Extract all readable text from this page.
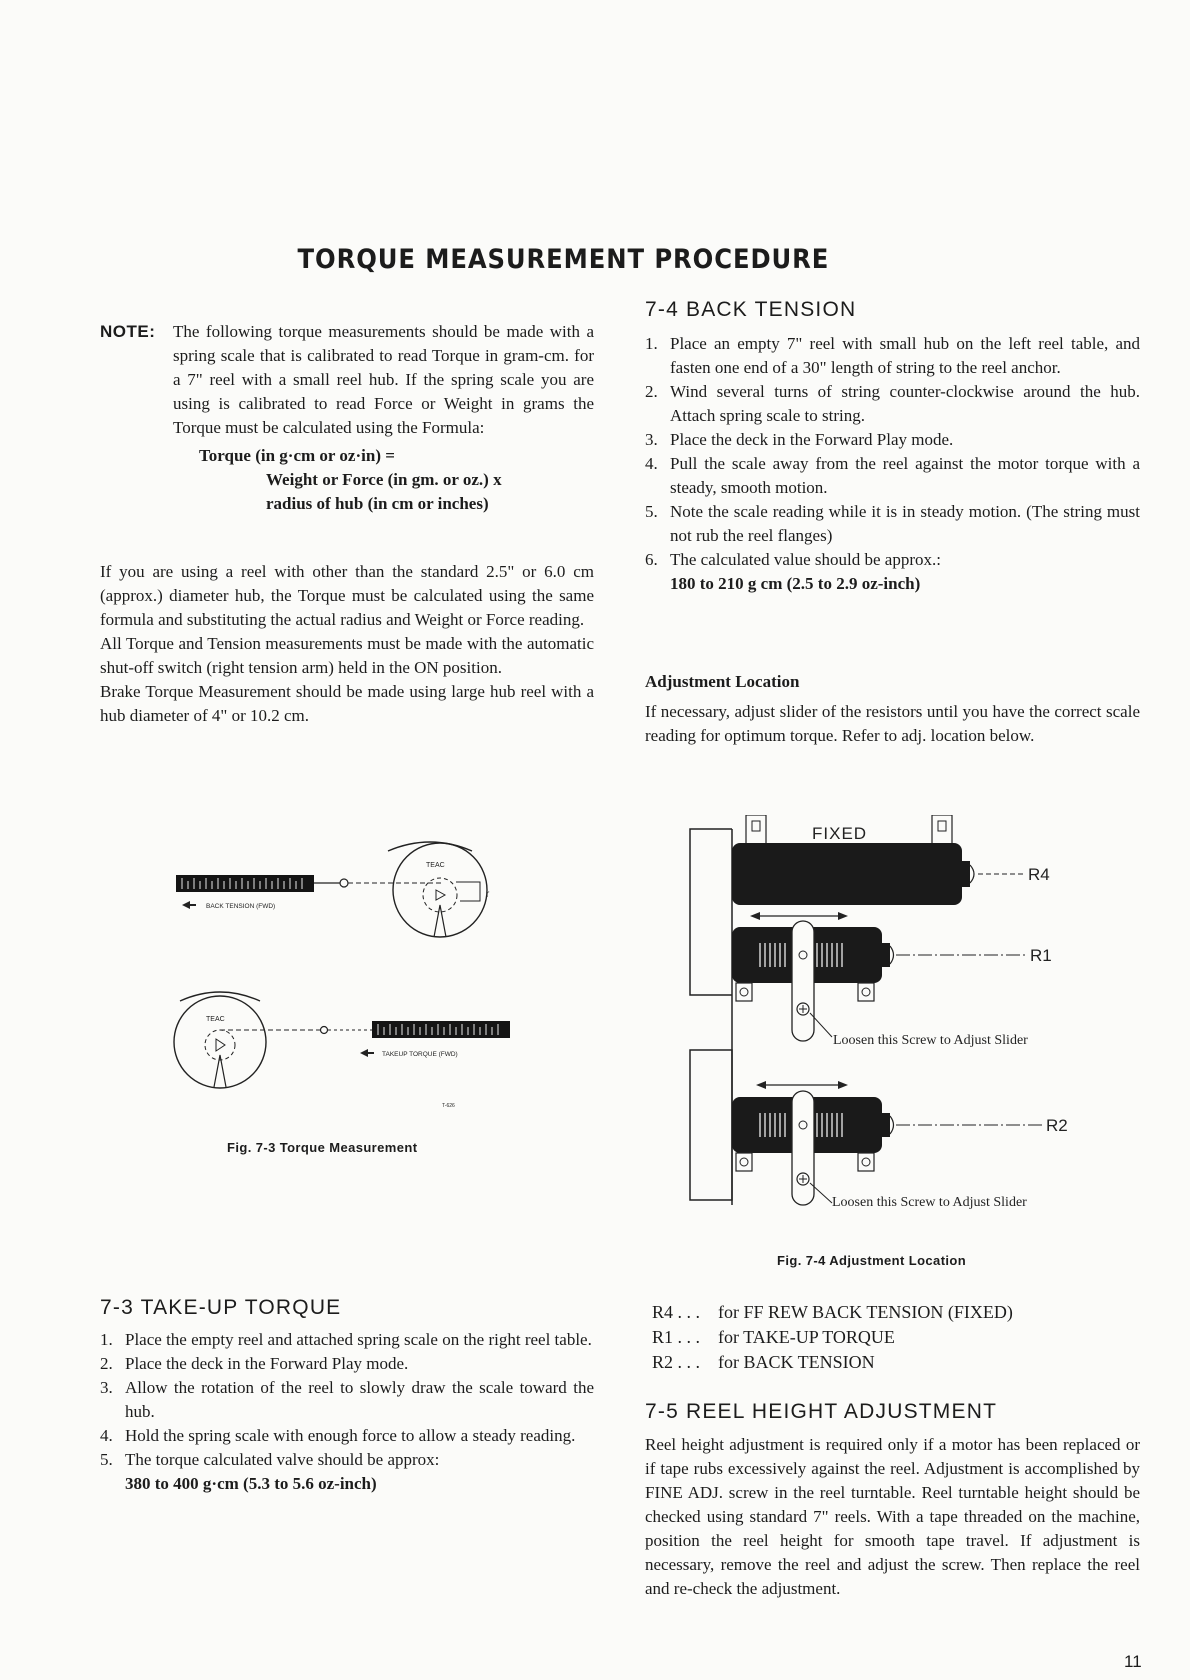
TORQUE MEASUREMENT PROCEDURE
NOTE: The following torque measurements should be made with a spring scale that is calibrated to read Torque in gram-cm. for a 7" reel with a small reel hub. If the spring scale you are using is calibrated to read Force or Weight in grams the Torque must be calculated using the Formula:
Torque (in g·cm or oz·in) =
Weight or Force (in gm. or oz.) x
radius of hub (in cm or inches)
If you are using a reel with other than the standard 2.5" or 6.0 cm (approx.) diameter hub, the Torque must be calculated using the same formula and substituting the actual radius and Weight or Force reading.
All Torque and Tension measurements must be made with the automatic shut-off switch (right tension arm) held in the ON position.
Brake Torque Measurement should be made using large hub reel with a hub diameter of 4" or 10.2 cm.
BACK TENSION (FWD)
TEAC
r
TEAC
TAKEUP TORQUE (FWD)
T-626
Fig. 7-3 Torque Measurement
7-3 TAKE-UP TORQUE
1. Place the empty reel and attached spring scale on the right reel table.
2. Place the deck in the Forward Play mode.
3. Allow the rotation of the reel to slowly draw the scale toward the hub.
4. Hold the spring scale with enough force to allow a steady reading.
5. The torque calculated valve should be approx:
380 to 400 g·cm (5.3 to 5.6 oz-inch)
7-4 BACK TENSION
1. Place an empty 7" reel with small hub on the left reel table, and fasten one end of a 30" length of string to the reel anchor.
2. Wind several turns of string counter-clockwise around the hub. Attach spring scale to string.
3. Place the deck in the Forward Play mode.
4. Pull the scale away from the reel against the motor torque with a steady, smooth motion.
5. Note the scale reading while it is in steady motion. (The string must not rub the reel flanges)
6. The calculated value should be approx.:
180 to 210 g cm (2.5 to 2.9 oz-inch)
Adjustment Location
If necessary, adjust slider of the resistors until you have the correct scale reading for optimum torque. Refer to adj. location below.
FIXED
R4
R1
Loosen this Screw to Adjust Slider
R2
Loosen this Screw to Adjust Slider
Fig. 7-4 Adjustment Location
R4 . . . for FF REW BACK TENSION (FIXED)
R1 . . . for TAKE-UP TORQUE
R2 . . . for BACK TENSION
7-5 REEL HEIGHT ADJUSTMENT
Reel height adjustment is required only if a motor has been replaced or if tape rubs excessively against the reel. Adjustment is accomplished by FINE ADJ. screw in the reel turntable. Reel turntable height should be checked using standard 7" reels. With a tape threaded on the machine, position the reel height for smooth tape travel. If adjustment is necessary, remove the reel and adjust the screw. Then replace the reel and re-check the adjustment.
11
